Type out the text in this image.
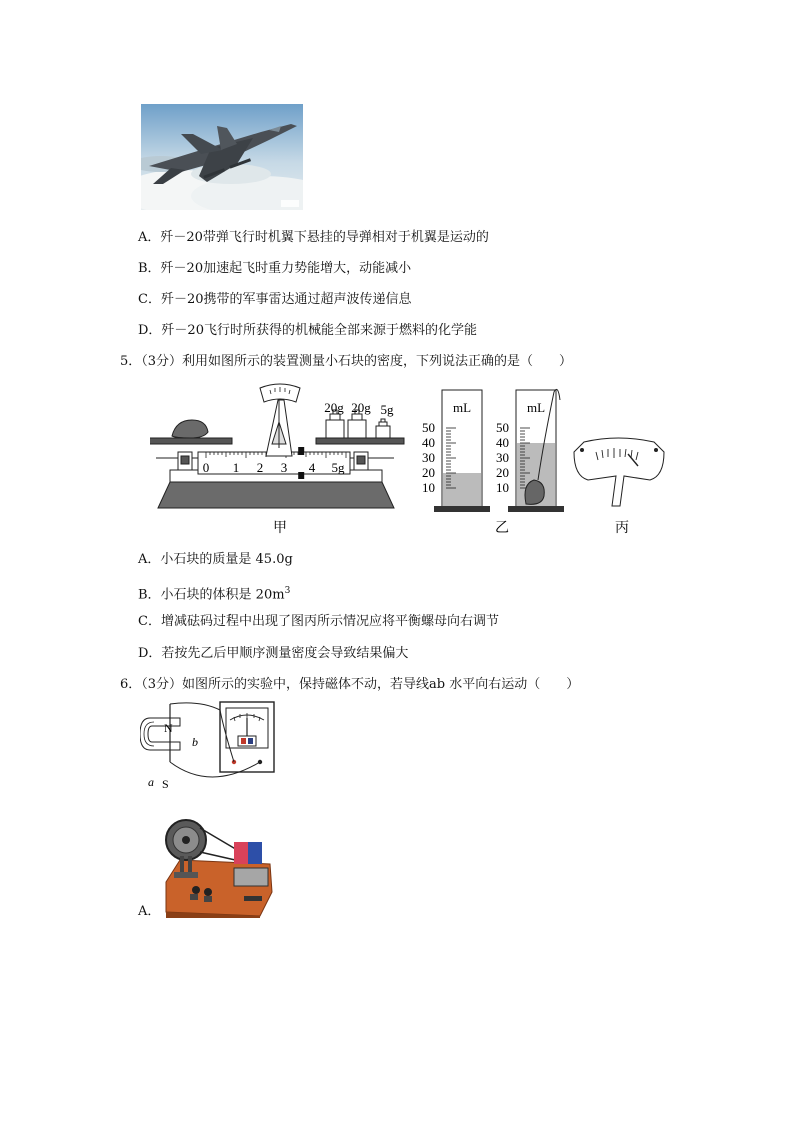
A．歼－20带弹飞行时机翼下悬挂的导弹相对于机翼是运动的
B．歼－20加速起飞时重力势能增大，动能减小
C．歼－20携带的军事雷达通过超声波传递信息
D．歼－20飞行时所获得的机械能全部来源于燃料的化学能
5．（3分）利用如图所示的装置测量小石块的密度，下列说法正确的是（　　）
0 1 2 3 4 5g
20g 20g 5g
甲
mL
50
40
30
20
10
mL
50
40
30
20
10
乙	丙
A．小石块的质量是 45.0g
B．小石块的体积是 $20m^3$
C．增减砝码过程中出现了图丙所示情况应将平衡螺母向右调节
D．若按先乙后甲顺序测量密度会导致结果偏大
6．（3分）如图所示的实验中，保持磁体不动，若导线ab 水平向右运动（　　）
N
S
a
b
A．
